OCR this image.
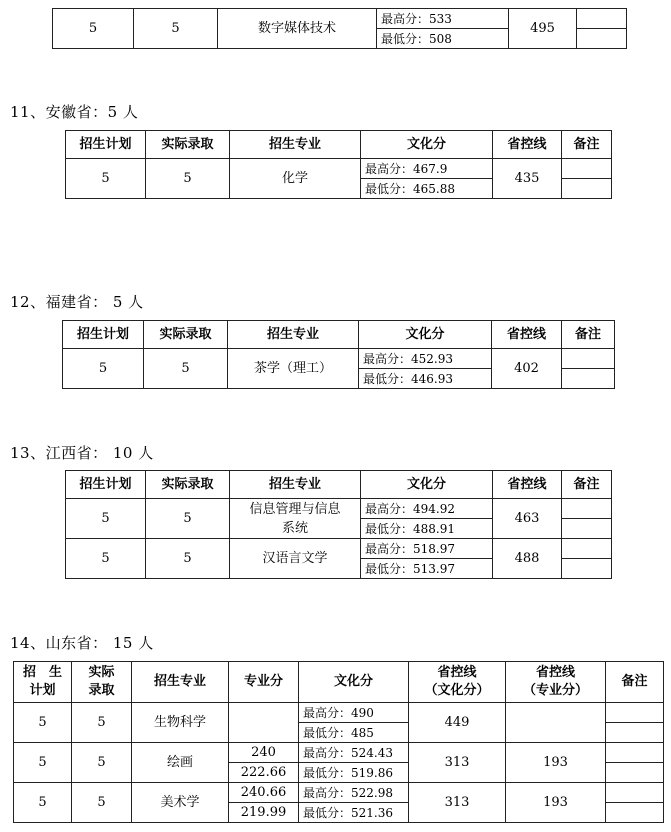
5	5	数字媒体技术	最高分：533	495	
			最低分：508		
11、安徽省：5 人
招生计划	实际录取	招生专业	文化分	省控线	备注
5	5	化学	最高分：467.9	435	
			最低分：465.88		
12、福建省： 5 人
招生计划	实际录取	招生专业	文化分	省控线	备注
5	5	茶学（理工）	最高分：452.93	402	
			最低分：446.93		
13、江西省： 10 人
招生计划	实际录取	招生专业	文化分	省控线	备注
5	5	信息管理与信息
系统	最高分：494.92	463	
			最低分：488.91		
5	5	汉语言文学	最高分：518.97	488	
			最低分：513.97		
14、山东省： 15 人
招　生
计划	实际
录取	招生专业	专业分	文化分	省控线
（文化分）	省控线
（专业分）	备注
5	5	生物科学		最高分：490	449		
				最低分：485			
5	5	绘画	240	最高分：524.43	313	193	
			222.66	最低分：519.86			
5	5	美术学	240.66	最高分：522.98	313	193	
			219.99	最低分：521.36			
